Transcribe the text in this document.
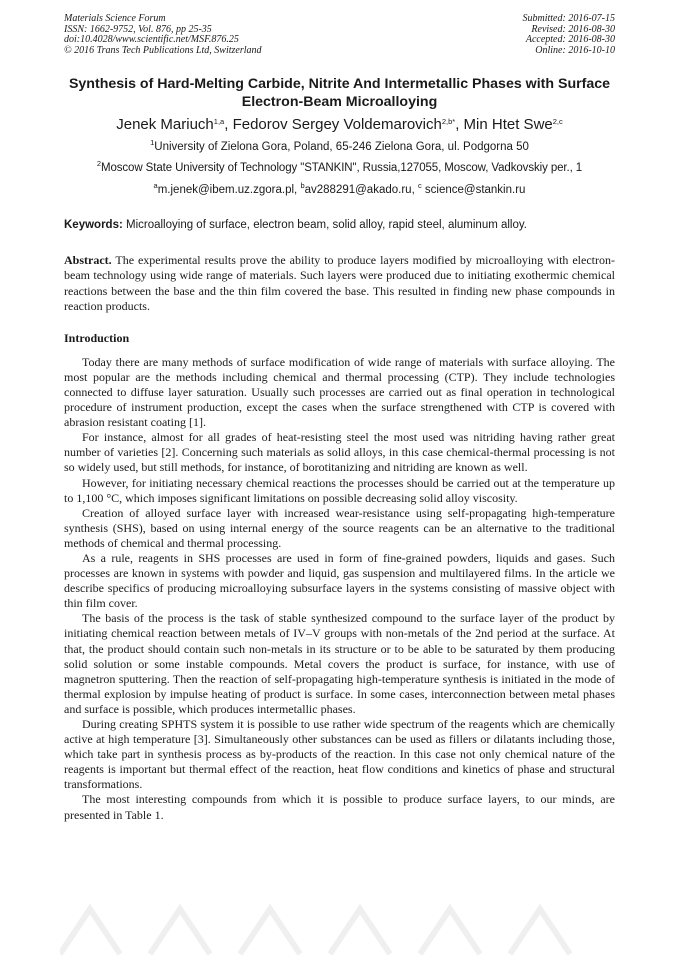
Materials Science Forum
ISSN: 1662-9752, Vol. 876, pp 25-35
doi:10.4028/www.scientific.net/MSF.876.25
© 2016 Trans Tech Publications Ltd, Switzerland
Submitted: 2016-07-15
Revised: 2016-08-30
Accepted: 2016-08-30
Online: 2016-10-10
Synthesis of Hard-Melting Carbide, Nitrite And Intermetallic Phases with Surface Electron-Beam Microalloying
Jenek Mariuch$^{1,a}$, Fedorov Sergey Voldemarovich$^{2,b*}$, Min Htet Swe$^{2,c}$
$^1$University of Zielona Gora, Poland, 65-246 Zielona Gora, ul. Podgorna 50
$^2$Moscow State University of Technology "STANKIN", Russia,127055, Moscow, Vadkovskiy per., 1
$^a$m.jenek@ibem.uz.zgora.pl, $^b$av288291@akado.ru, $^c$ science@stankin.ru
Keywords: Microalloying of surface, electron beam, solid alloy, rapid steel, aluminum alloy.
Abstract. The experimental results prove the ability to produce layers modified by microalloying with electron-beam technology using wide range of materials. Such layers were produced due to initiating exothermic chemical reactions between the base and the thin film covered the base. This resulted in finding new phase compounds in reaction products.
Introduction

Today there are many methods of surface modification of wide range of materials with surface alloying. The most popular are the methods including chemical and thermal processing (CTP). They include technologies connected to diffuse layer saturation. Usually such processes are carried out as final operation in technological procedure of instrument production, except the cases when the surface strengthened with CTP is covered with abrasion resistant coating [1].

For instance, almost for all grades of heat-resisting steel the most used was nitriding having rather great number of varieties [2]. Concerning such materials as solid alloys, in this case chemical-thermal processing is not so widely used, but still methods, for instance, of borotitanizing and nitriding are known as well.

However, for initiating necessary chemical reactions the processes should be carried out at the temperature up to 1,100 °C, which imposes significant limitations on possible decreasing solid alloy viscosity.

Creation of alloyed surface layer with increased wear-resistance using self-propagating high-temperature synthesis (SHS), based on using internal energy of the source reagents can be an alternative to the traditional methods of chemical and thermal processing.

As a rule, reagents in SHS processes are used in form of fine-grained powders, liquids and gases. Such processes are known in systems with powder and liquid, gas suspension and multilayered films. In the article we describe specifics of producing microalloying subsurface layers in the systems consisting of massive object with thin film cover.

The basis of the process is the task of stable synthesized compound to the surface layer of the product by initiating chemical reaction between metals of IV–V groups with non-metals of the 2nd period at the surface. At that, the product should contain such non-metals in its structure or to be able to be saturated by them producing solid solution or some instable compounds. Metal covers the product is surface, for instance, with use of magnetron sputtering. Then the reaction of self-propagating high-temperature synthesis is initiated in the mode of thermal explosion by impulse heating of product is surface. In some cases, interconnection between metal phases and surface is possible, which produces intermetallic phases.

During creating SPHTS system it is possible to use rather wide spectrum of the reagents which are chemically active at high temperature [3]. Simultaneously other substances can be used as fillers or dilatants including those, which take part in synthesis process as by-products of the reaction. In this case not only chemical nature of the reagents is important but thermal effect of the reaction, heat flow conditions and kinetics of phase and structural transformations.

The most interesting compounds from which it is possible to produce surface layers, to our minds, are presented in Table 1.
